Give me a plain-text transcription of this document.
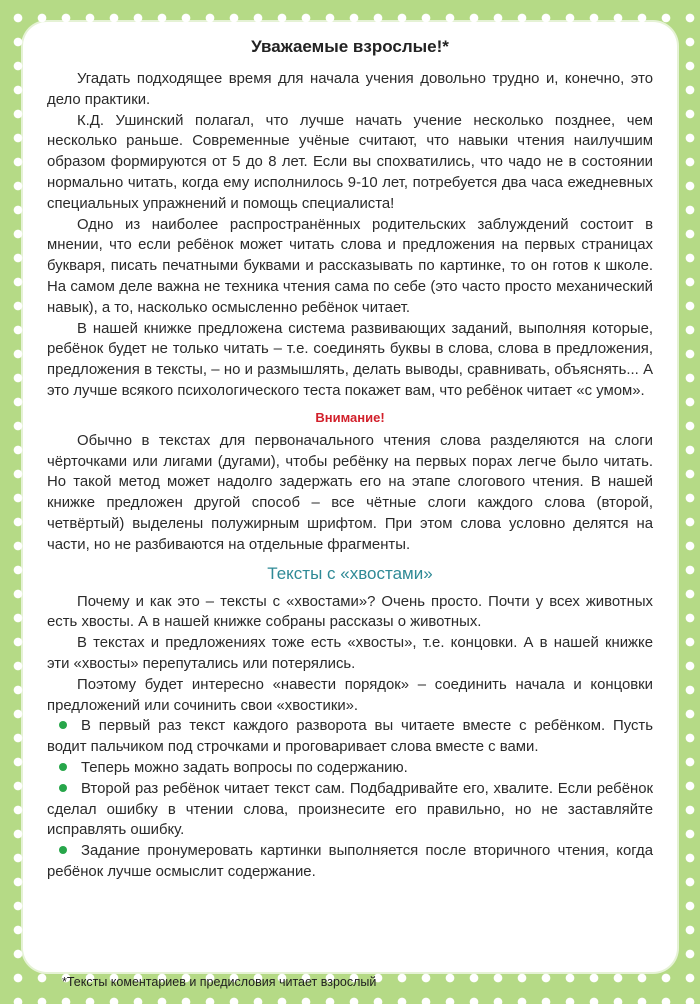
Уважаемые взрослые!*

Угадать подходящее время для начала учения довольно трудно и, конечно, это дело практики.

К.Д. Ушинский полагал, что лучше начать учение несколько позднее, чем несколько раньше. Современные учёные считают, что навыки чтения наилучшим образом формируются от 5 до 8 лет. Если вы спохватились, что чадо не в состоянии нормально читать, когда ему исполнилось 9-10 лет, потребуется два часа ежедневных специальных упражнений и помощь специалиста!

Одно из наиболее распространённых родительских заблуждений состоит в мнении, что если ребёнок может читать слова и предложения на первых страницах букваря, писать печатными буквами и рассказывать по картинке, то он готов к школе. На самом деле важна не техника чтения сама по себе (это часто просто механический навык), а то, насколько осмысленно ребёнок читает.

В нашей книжке предложена система развивающих заданий, выполняя которые, ребёнок будет не только читать – т.е. соединять буквы в слова, слова в предложения, предложения в тексты, – но и размышлять, делать выводы, сравнивать, объяснять... А это лучше всякого психологического теста покажет вам, что ребёнок читает «с умом».

Внимание!

Обычно в текстах для первоначального чтения слова разделяются на слоги чёрточками или лигами (дугами), чтобы ребёнку на первых порах легче было читать. Но такой метод может надолго задержать его на этапе слогового чтения. В нашей книжке предложен другой способ – все чётные слоги каждого слова (второй, четвёртый) выделены полужирным шрифтом. При этом слова условно делятся на части, но не разбиваются на отдельные фрагменты.

Тексты с «хвостами»

Почему и как это – тексты с «хвостами»? Очень просто. Почти у всех животных есть хвосты. А в нашей книжке собраны рассказы о животных.

В текстах и предложениях тоже есть «хвосты», т.е. концовки. А в нашей книжке эти «хвосты» перепутались или потерялись.

Поэтому будет интересно «навести порядок» – соединить начала и концовки предложений или сочинить свои «хвостики».

В первый раз текст каждого разворота вы читаете вместе с ребёнком. Пусть водит пальчиком под строчками и проговаривает слова вместе с вами.

Теперь можно задать вопросы по содержанию.

Второй раз ребёнок читает текст сам. Подбадривайте его, хвалите. Если ребёнок сделал ошибку в чтении слова, произнесите его правильно, но не заставляйте исправлять ошибку.

Задание пронумеровать картинки выполняется после вторичного чтения, когда ребёнок лучше осмыслит содержание.

*Тексты коментариев и предисловия читает взрослый
